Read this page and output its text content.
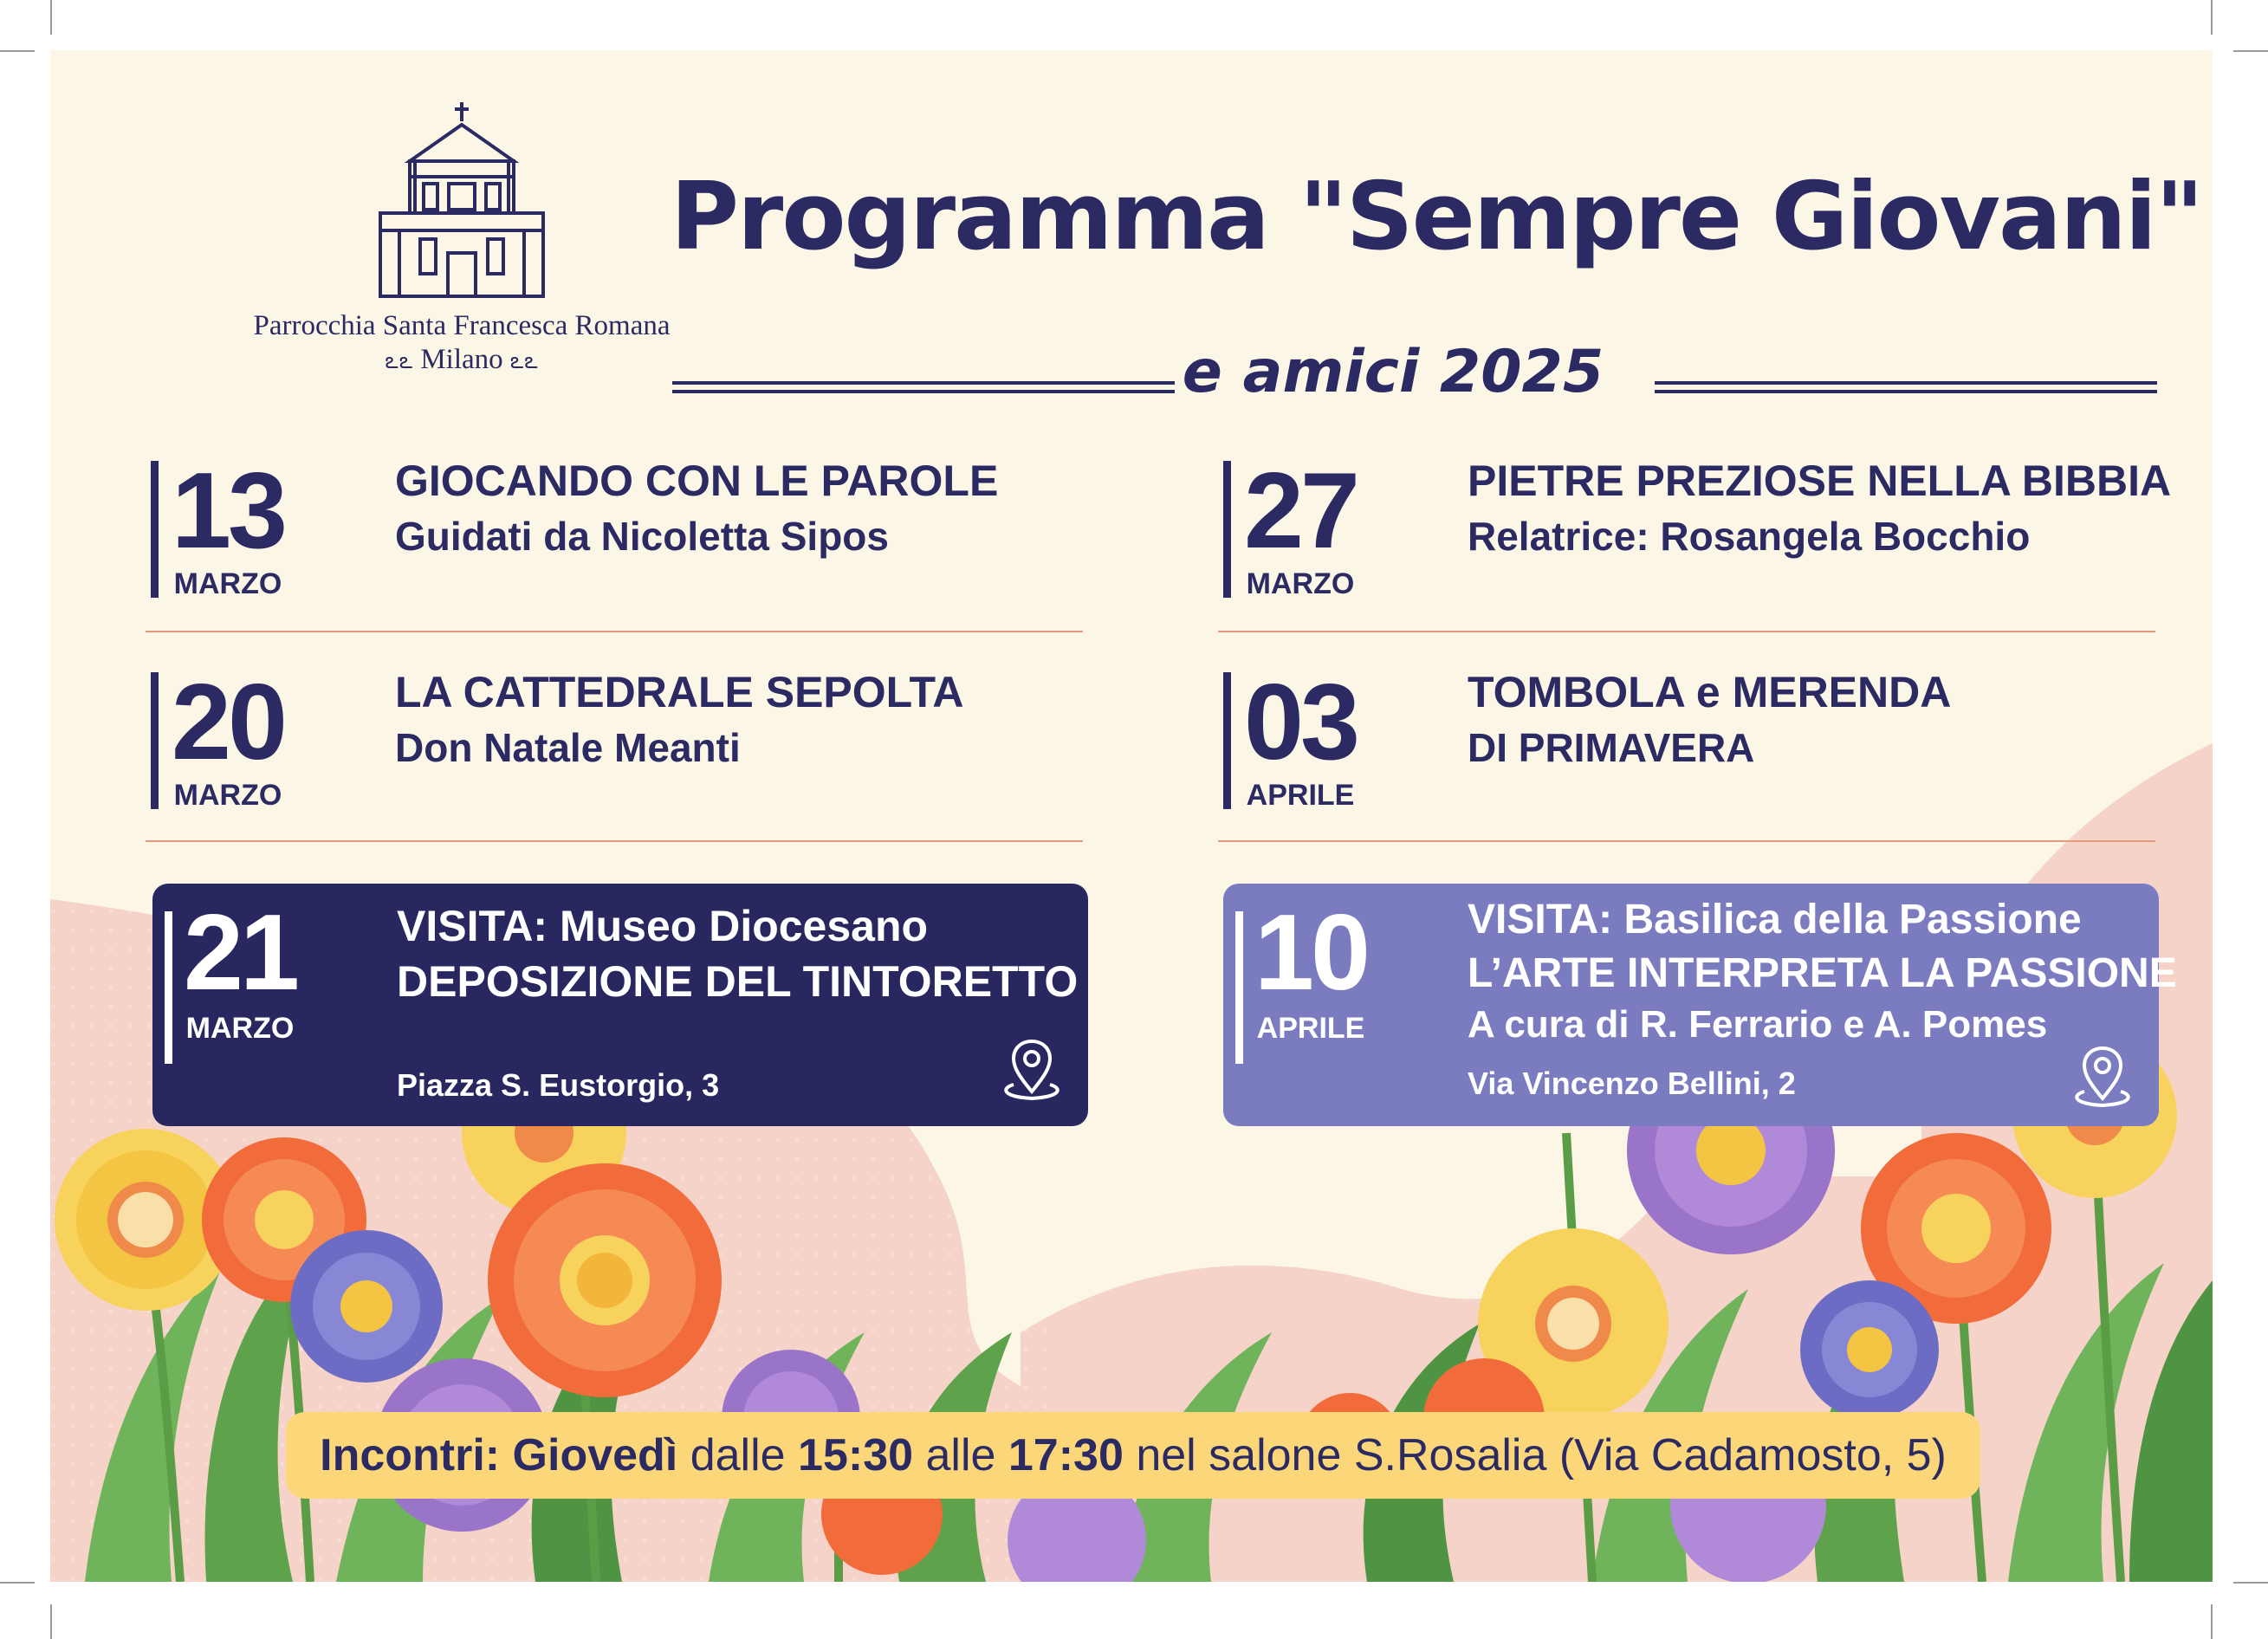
Parrocchia Santa Francesca Romana
ఽఽ Milano ఽఽ
Programma "Sempre Giovani"
e amici 2025
13
MARZO
GIOCANDO CON LE PAROLE
Guidati da Nicoletta Sipos	27
MARZO
PIETRE PREZIOSE NELLA BIBBIA
Relatrice: Rosangela Bocchio
20
MARZO
LA CATTEDRALE SEPOLTA
Don Natale Meanti	03
APRILE
TOMBOLA e MERENDA
DI PRIMAVERA
21
MARZO
VISITA: Museo Diocesano
DEPOSIZIONE DEL TINTORETTO
Piazza S. Eustorgio, 3
10
APRILE
VISITA: Basilica della Passione
L’ARTE INTERPRETA LA PASSIONE
A cura di R. Ferrario e A. Pomes
Via Vincenzo Bellini, 2
Incontri: Giovedì dalle 15:30 alle 17:30 nel salone S.Rosalia (Via Cadamosto, 5)
